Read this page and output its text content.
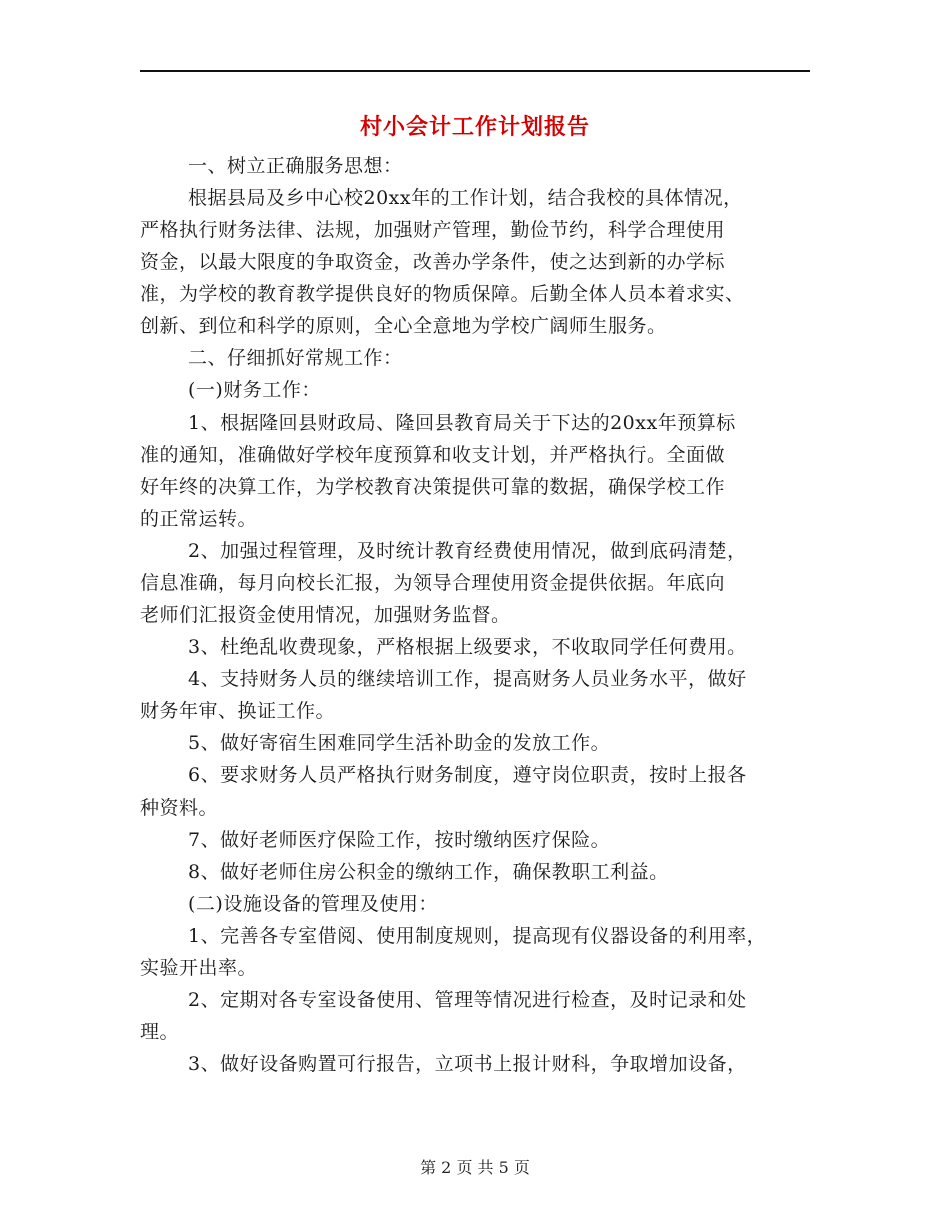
村小会计工作计划报告
一、树立正确服务思想：
根据县局及乡中心校20xx年的工作计划，结合我校的具体情况，
严格执行财务法律、法规，加强财产管理，勤俭节约，科学合理使用
资金，以最大限度的争取资金，改善办学条件，使之达到新的办学标
准，为学校的教育教学提供良好的物质保障。后勤全体人员本着求实、
创新、到位和科学的原则，全心全意地为学校广阔师生服务。
二、仔细抓好常规工作：
(一)财务工作：
1、根据隆回县财政局、隆回县教育局关于下达的20xx年预算标
准的通知，准确做好学校年度预算和收支计划，并严格执行。全面做
好年终的决算工作，为学校教育决策提供可靠的数据，确保学校工作
的正常运转。
2、加强过程管理，及时统计教育经费使用情况，做到底码清楚，
信息准确，每月向校长汇报，为领导合理使用资金提供依据。年底向
老师们汇报资金使用情况，加强财务监督。
3、杜绝乱收费现象，严格根据上级要求，不收取同学任何费用。
4、支持财务人员的继续培训工作，提高财务人员业务水平，做好
财务年审、换证工作。
5、做好寄宿生困难同学生活补助金的发放工作。
6、要求财务人员严格执行财务制度，遵守岗位职责，按时上报各
种资料。
7、做好老师医疗保险工作，按时缴纳医疗保险。
8、做好老师住房公积金的缴纳工作，确保教职工利益。
(二)设施设备的管理及使用：
1、完善各专室借阅、使用制度规则，提高现有仪器设备的利用率，
实验开出率。
2、定期对各专室设备使用、管理等情况进行检查，及时记录和处
理。
3、做好设备购置可行报告，立项书上报计财科，争取增加设备，
第 2 页 共 5 页
